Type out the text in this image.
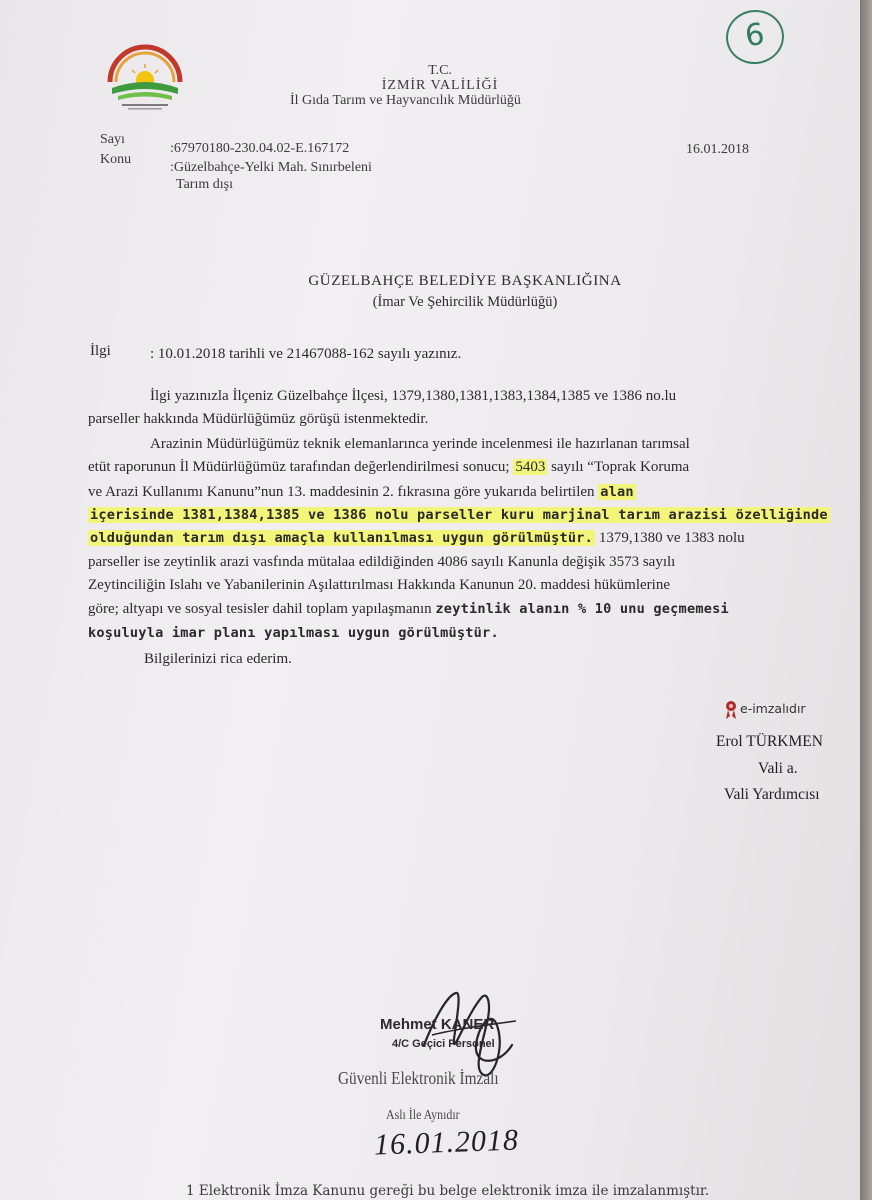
6
T.C.
İZMİR VALİLİĞİ
İl Gıda Tarım ve Hayvancılık Müdürlüğü
Sayı
:67970180-230.04.02-E.167172	16.01.2018
Konu
:Güzelbahçe-Yelki Mah. Sınırbeleni
Tarım dışı
GÜZELBAHÇE BELEDİYE BAŞKANLIĞINA
(İmar Ve Şehircilik Müdürlüğü)
İlgi	: 10.01.2018 tarihli ve 21467088-162 sayılı yazınız.
İlgi yazınızla İlçeniz Güzelbahçe İlçesi, 1379,1380,1381,1383,1384,1385 ve 1386 no.lu
parseller hakkında Müdürlüğümüz görüşü istenmektedir.
Arazinin Müdürlüğümüz teknik elemanlarınca yerinde incelenmesi ile hazırlanan tarımsal
etüt raporunun İl Müdürlüğümüz tarafından değerlendirilmesi sonucu; 5403 sayılı “Toprak Koruma
ve Arazi Kullanımı Kanunu”nun 13. maddesinin 2. fıkrasına göre yukarıda belirtilen alan
içerisinde 1381,1384,1385 ve 1386 nolu parseller kuru marjinal tarım arazisi özelliğinde
olduğundan tarım dışı amaçla kullanılması uygun görülmüştür. 1379,1380 ve 1383 nolu
parseller ise zeytinlik arazi vasfında mütalaa edildiğinden 4086 sayılı Kanunla değişik 3573 sayılı
Zeytinciliğin Islahı ve Yabanilerinin Aşılattırılması Hakkında Kanunun 20. maddesi hükümlerine
göre; altyapı ve sosyal tesisler dahil toplam yapılaşmanın zeytinlik alanın % 10 unu geçmemesi
koşuluyla imar planı yapılması uygun görülmüştür.
Bilgilerinizi rica ederim.
e-imzalıdır
Erol TÜRKMEN
Vali a.
Vali Yardımcısı
Mehmet KANER
4/C Geçici Personel
Güvenli Elektronik İmzalı
Aslı İle Aynıdır
16.01.2018
1 Elektronik İmza Kanunu gereği bu belge elektronik imza ile imzalanmıştır.
